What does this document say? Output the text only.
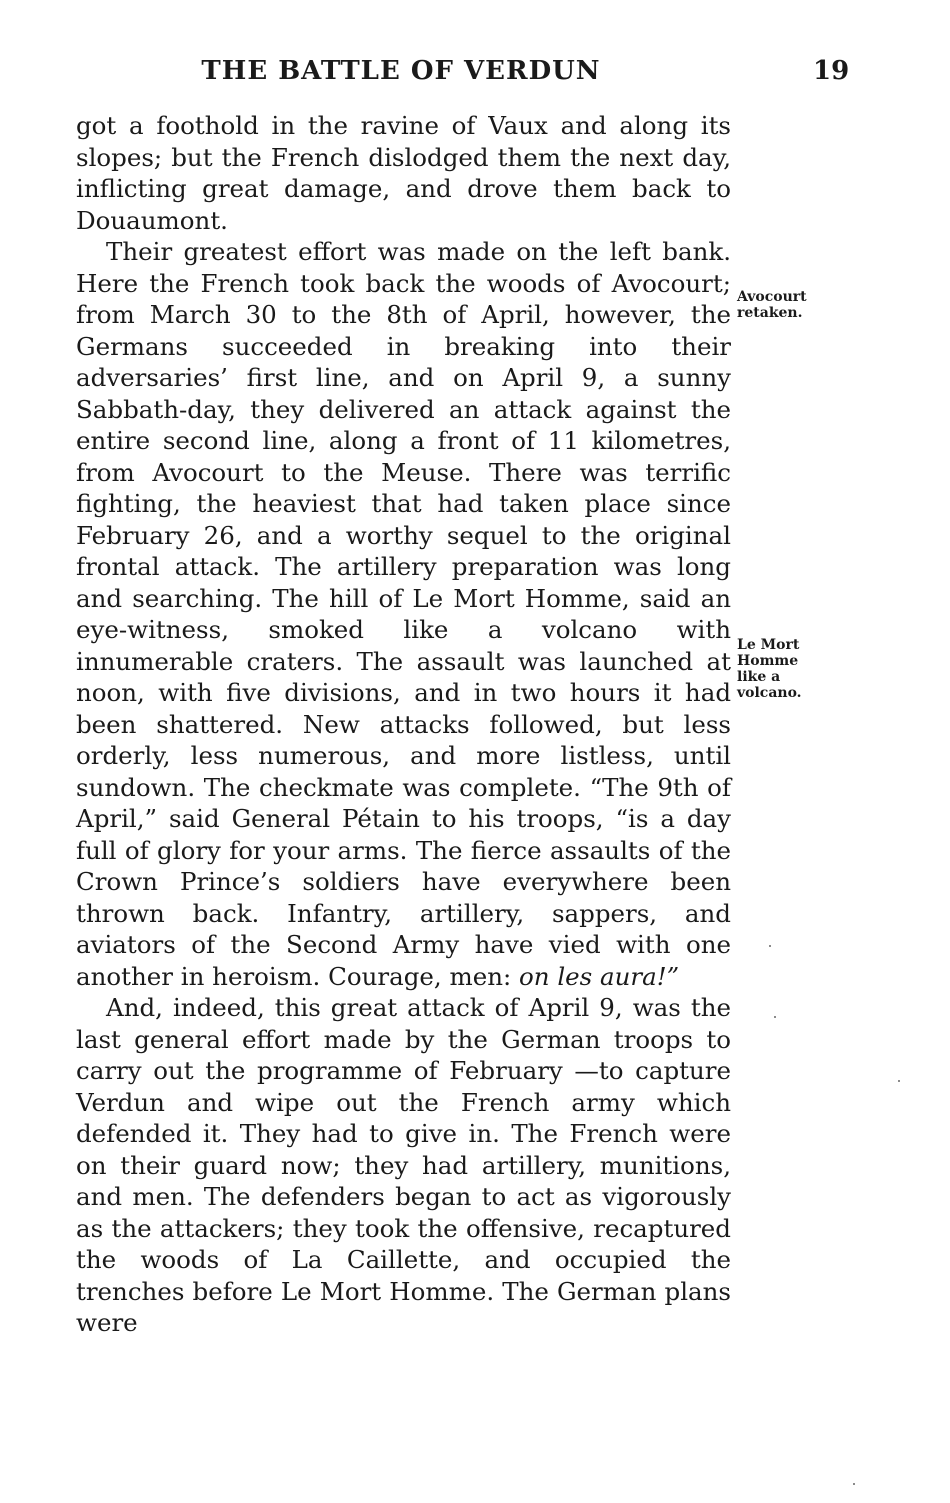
THE BATTLE OF VERDUN	19

got a foothold in the ravine of Vaux and along its slopes; but the French dislodged them the next day, inflicting great damage, and drove them back to Douaumont.

Their greatest effort was made on the left bank. Here the French took back the woods of Avocourt; from March 30 to the 8th of April, however, the Germans succeeded in breaking into their adversaries’ first line, and on April 9, a sunny Sabbath-day, they delivered an attack against the entire second line, along a front of 11 kilometres, from Avocourt to the Meuse. There was terrific fighting, the heaviest that had taken place since February 26, and a worthy sequel to the original frontal attack. The artillery preparation was long and searching. The hill of Le Mort Homme, said an eye-witness, smoked like a volcano with innumerable craters. The assault was launched at noon, with five divisions, and in two hours it had been shattered. New attacks followed, but less orderly, less numerous, and more listless, until sundown. The checkmate was complete. “The 9th of April,” said General Pétain to his troops, “is a day full of glory for your arms. The fierce assaults of the Crown Prince’s soldiers have everywhere been thrown back. Infantry, artillery, sappers, and aviators of the Second Army have vied with one another in heroism. Courage, men: on les aura!”

And, indeed, this great attack of April 9, was the last general effort made by the German troops to carry out the programme of February —to capture Verdun and wipe out the French army which defended it. They had to give in. The French were on their guard now; they had artillery, munitions, and men. The defenders began to act as vigorously as the attackers; they took the offensive, recaptured the woods of La Caillette, and occupied the trenches before Le Mort Homme. The German plans were

Avocourt
retaken.
Le Mort
Homme
like a
volcano.
